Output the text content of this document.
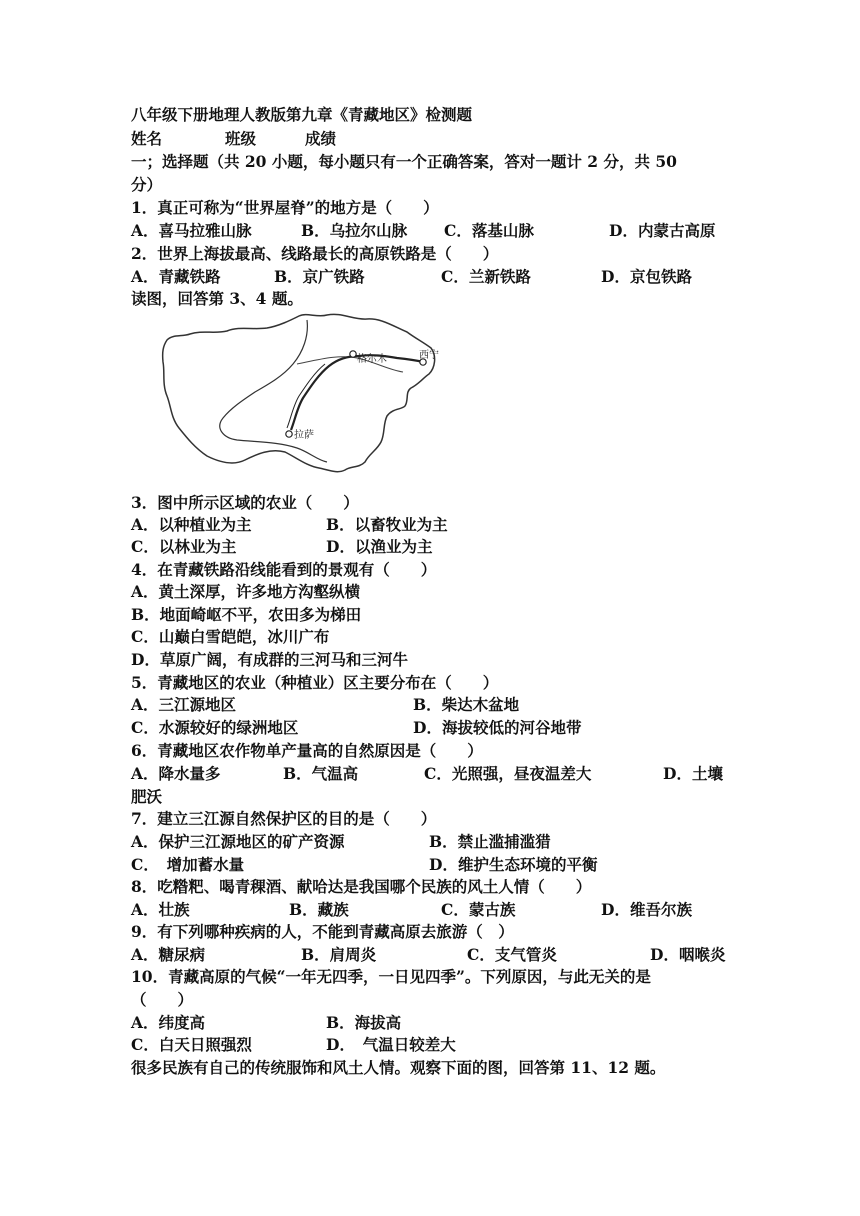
八年级下册地理人教版第九章《青藏地区》检测题

姓名

	班级

	成绩

一；选择题（共 20 小题，每小题只有一个正确答案，答对一题计 2 分，共 50
分）
1．真正可称为“世界屋脊”的地方是（　　）

A．喜马拉雅山脉

	B．乌拉尔山脉

C．落基山脉

	D．内蒙古高原

2．世界上海拔最高、线路最长的高原铁路是（　　）

A．青藏铁路

	B．京广铁路

	C．兰新铁路

	D．京包铁路

读图，回答第 3、4 题。
格尔木	西宁
拉萨
3．图中所示区域的农业（　　）

A．以种植业为主

	B．以畜牧业为主

C．以林业为主

	D．以渔业为主

4．在青藏铁路沿线能看到的景观有（　　）
A．黄土深厚，许多地方沟壑纵横
B．地面崎岖不平，农田多为梯田
C．山巅白雪皑皑，冰川广布
D．草原广阔，有成群的三河马和三河牛
5．青藏地区的农业（种植业）区主要分布在（　　）

A．三江源地区

	B．柴达木盆地

C．水源较好的绿洲地区

	D．海拔较低的河谷地带

6．青藏地区农作物单产量高的自然原因是（　　）

A．降水量多

	B．气温高

	C．光照强，昼夜温差大

	D．土壤

肥沃
7．建立三江源自然保护区的目的是（　　）

A．保护三江源地区的矿产资源

	B．禁止滥捕滥猎

C．　增加蓄水量

	D．维护生态环境的平衡

8．吃糌粑、喝青稞酒、献哈达是我国哪个民族的风土人情（　　）

A．壮族

	B．藏族

	C．蒙古族

	D．维吾尔族

9．有下列哪种疾病的人，不能到青藏高原去旅游（　）

A．糖尿病

	B．肩周炎

	C．支气管炎

	D．咽喉炎

10．青藏高原的气候“一年无四季，一日见四季”。下列原因，与此无关的是
（　　）

A．纬度高

	B．海拔高

C．白天日照强烈

	D．　气温日较差大

很多民族有自己的传统服饰和风土人情。观察下面的图，回答第 11、12 题。
